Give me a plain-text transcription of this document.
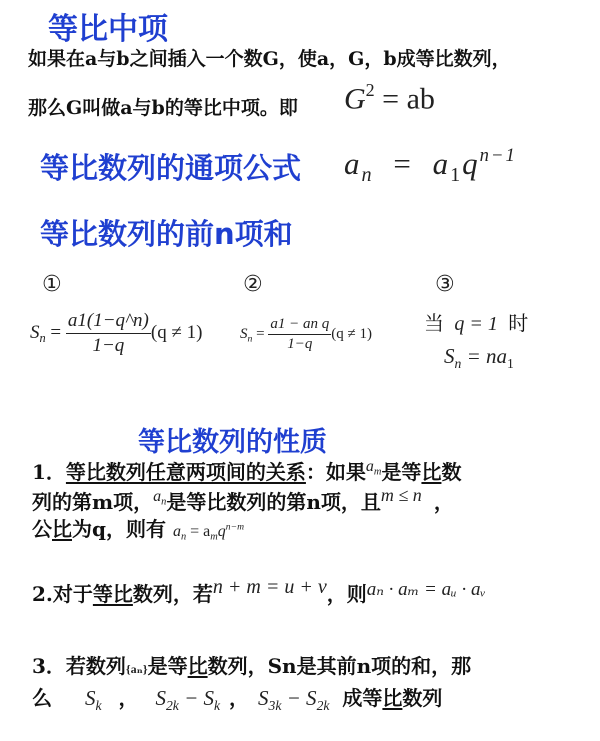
等比中项
如果在a与b之间插入一个数G，使a，G，b成等比数列，
那么G叫做a与b的等比中项。即 $G^2$ = ab
等比数列的通项公式 $a_n = a_1q^{n-1}$
等比数列的前n项和
①	②	③
$S_n = \frac{a1(1-q\^{}n)}{1-q} (q \ne 1)$	$S_n = \frac{\text{a1 − an q}}{1-q} (q \ne 1)$	当 q = 1 时
$S_n = na_1$
等比数列的性质
1．等比数列任意两项间的关系：如果$^{a_m}$是等比数
列的第m项，$^{a_n}$是等比数列的第n项，且m ≤ n ，
公比为q，则有 $a_n = a_mq^{n-m}$
2.对于等比数列，若n + m = u + v，则aₙ · aₘ = aᵤ · aᵥ
3．若数列{aₙ}是等比数列，Sn是其前n项的和，那
么 $S_k$ ， $S_{2k} - S_k$ ， $S_{3k} - S_{2k}$ 成等比数列
